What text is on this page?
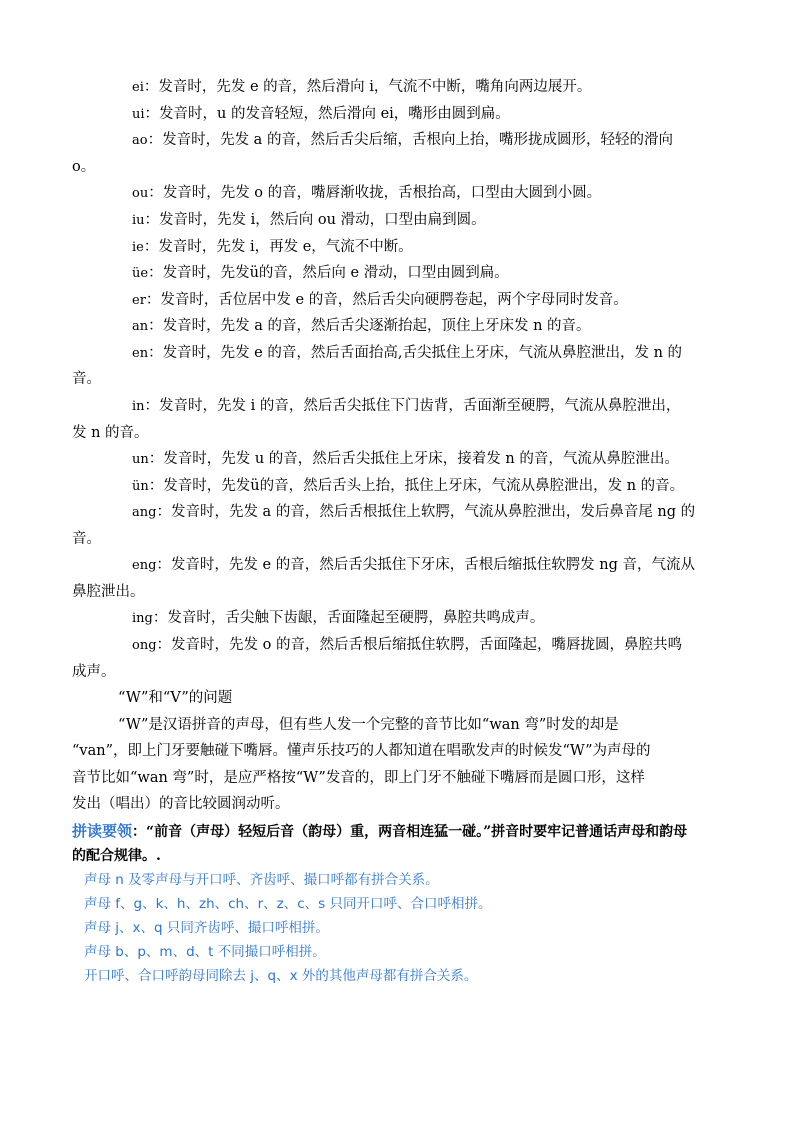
ei：发音时，先发 e 的音，然后滑向 i，气流不中断，嘴角向两边展开。
ui：发音时，u 的发音轻短，然后滑向 ei，嘴形由圆到扁。
ao：发音时，先发 a 的音，然后舌尖后缩，舌根向上抬，嘴形拢成圆形，轻轻的滑向
o。
ou：发音时，先发 o 的音，嘴唇渐收拢，舌根抬高，口型由大圆到小圆。
iu：发音时，先发 i，然后向 ou 滑动，口型由扁到圆。
ie：发音时，先发 i，再发 e，气流不中断。
üe：发音时，先发ü的音，然后向 e 滑动，口型由圆到扁。
er：发音时，舌位居中发 e 的音，然后舌尖向硬腭卷起，两个字母同时发音。
an：发音时，先发 a 的音，然后舌尖逐渐抬起，顶住上牙床发 n 的音。
en：发音时，先发 e 的音，然后舌面抬高,舌尖抵住上牙床，气流从鼻腔泄出，发 n 的
音。
in：发音时，先发 i 的音，然后舌尖抵住下门齿背，舌面渐至硬腭，气流从鼻腔泄出，
发 n 的音。
un：发音时，先发 u 的音，然后舌尖抵住上牙床，接着发 n 的音，气流从鼻腔泄出。
ün：发音时，先发ü的音，然后舌头上抬，抵住上牙床，气流从鼻腔泄出，发 n 的音。
ang：发音时，先发 a 的音，然后舌根抵住上软腭，气流从鼻腔泄出，发后鼻音尾 ng 的
音。
eng：发音时，先发 e 的音，然后舌尖抵住下牙床，舌根后缩抵住软腭发 ng 音，气流从
鼻腔泄出。
ing：发音时，舌尖触下齿龈，舌面隆起至硬腭，鼻腔共鸣成声。
ong：发音时，先发 o 的音，然后舌根后缩抵住软腭，舌面隆起，嘴唇拢圆，鼻腔共鸣
成声。
“W”和“V”的问题
“W”是汉语拼音的声母，但有些人发一个完整的音节比如“wan 弯”时发的却是
“van”，即上门牙要触碰下嘴唇。懂声乐技巧的人都知道在唱歌发声的时候发“W”为声母的
音节比如“wan 弯”时，是应严格按“W”发音的，即上门牙不触碰下嘴唇而是圆口形，这样
发出（唱出）的音比较圆润动听。
拼读要领：“前音（声母）轻短后音（韵母）重，两音相连猛一碰。”拼音时要牢记普通话声母和韵母
的配合规律。.
声母 n 及零声母与开口呼、齐齿呼、撮口呼都有拼合关系。
声母 f、g、k、h、zh、ch、r、z、c、s 只同开口呼、合口呼相拼。
声母 j、x、q 只同齐齿呼、撮口呼相拼。
声母 b、p、m、d、t 不同撮口呼相拼。
开口呼、合口呼韵母同除去 j、q、x 外的其他声母都有拼合关系。
